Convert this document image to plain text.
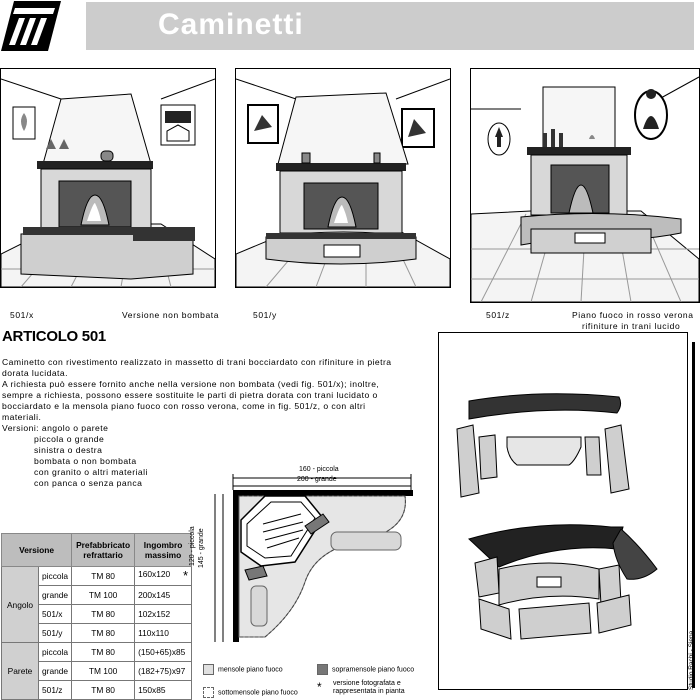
Caminetti
501/x	Versione non bombata	501/y	501/z	Piano fuoco in rosso verona
rifiniture in trani lucido
ARTICOLO 501

Caminetto con rivestimento realizzato in massetto di trani bocciardato con rifiniture in pietra dorata lucidata.

A richiesta può essere fornito anche nella versione non bombata (vedi fig. 501/x); inoltre, sempre a richiesta, possono essere sostituite le parti di pietra dorata con trani lucidato o bocciardato e la mensola piano fuoco con rosso verona, come in fig. 501/z, o con altri materiali.

Versioni: angolo o parete

piccola o grande
sinistra o destra
bombata o non bombata
con granito o altri materiali
con panca o senza panca
Versione		Prefabbricato refrattario	Ingombro massimo
Angolo	piccola	TM 80	160x120 *

	grande	TM 100	200x145
	501/x	TM 80	102x152
	501/y	TM 80	110x110
Parete	piccola	TM 80	(150+65)x85
	grande	TM 100	(182+75)x97
	501/z	TM 80	150x85
160 - piccola
200 - grande
120 - piccola 145 - grande
mensole piano fuoco	sopramensole piano fuoco
sottomensole piano fuoco * versione fotografata e
rappresentata in pianta
Studio Rachi - Siena
